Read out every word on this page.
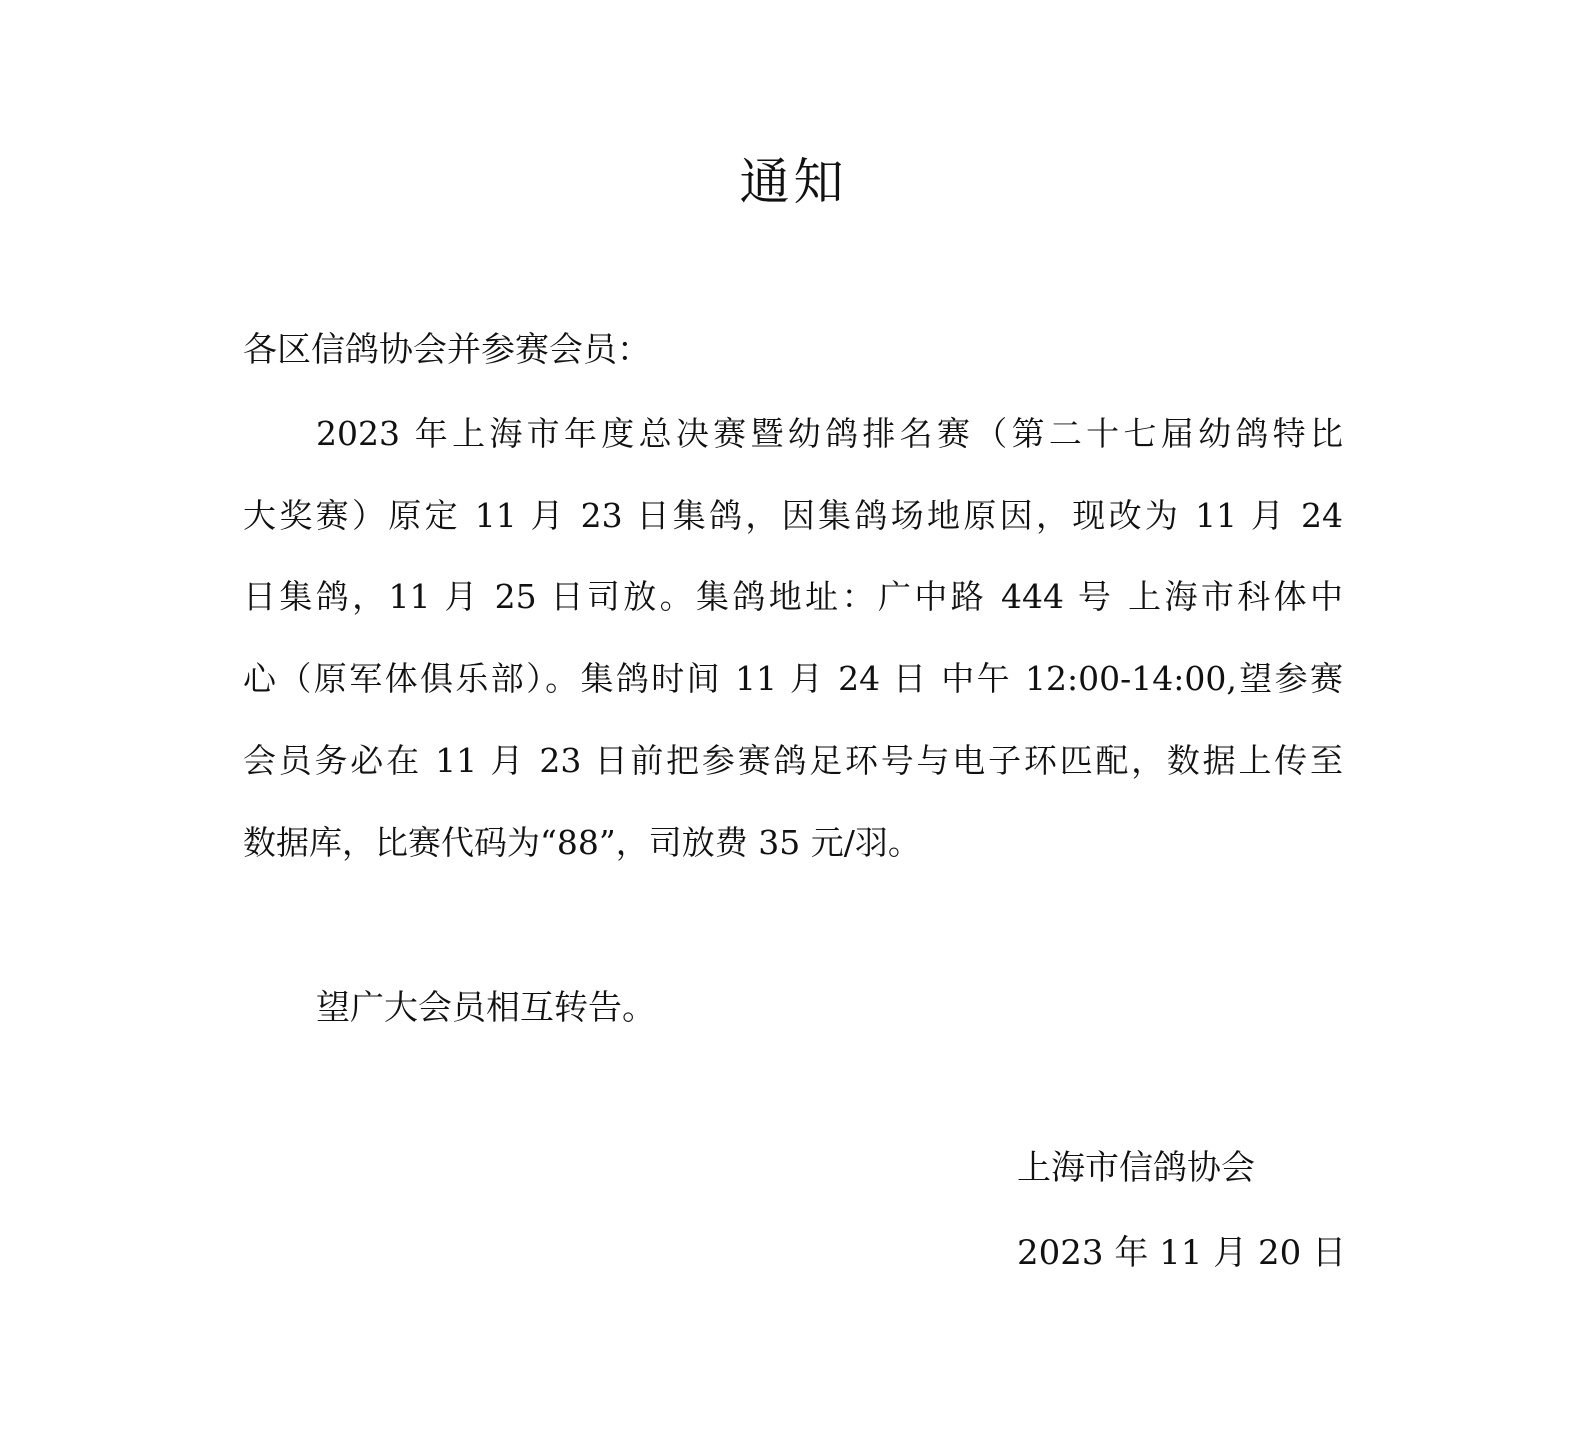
通知
各区信鸽协会并参赛会员：
2023 年上海市年度总决赛暨幼鸽排名赛（第二十七届幼鸽特比
大奖赛）原定 11 月 23 日集鸽，因集鸽场地原因，现改为 11 月 24
日集鸽，11 月 25 日司放。集鸽地址：广中路 444 号 上海市科体中
心（原军体俱乐部）。集鸽时间 11 月 24 日 中午 12:00-14:00,望参赛
会员务必在 11 月 23 日前把参赛鸽足环号与电子环匹配，数据上传至
数据库，比赛代码为“88”，司放费 35 元/羽。
望广大会员相互转告。
上海市信鸽协会
2023 年 11 月 20 日
